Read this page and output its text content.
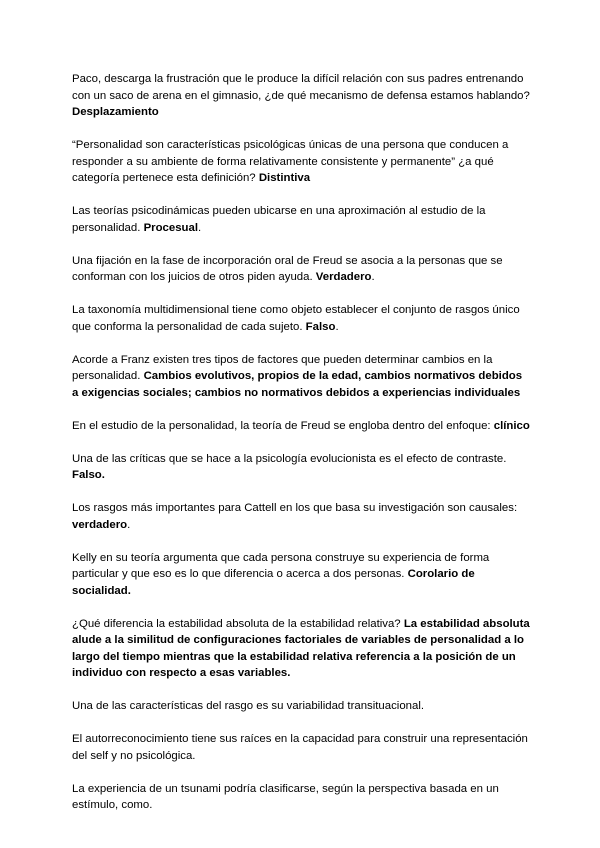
Paco, descarga la frustración que le produce la difícil relación con sus padres entrenando con un saco de arena en el gimnasio, ¿de qué mecanismo de defensa estamos hablando? Desplazamiento

“Personalidad son características psicológicas únicas de una persona que conducen a responder a su ambiente de forma relativamente consistente y permanente” ¿a qué categoría pertenece esta definición? Distintiva

Las teorías psicodinámicas pueden ubicarse en una aproximación al estudio de la personalidad. Procesual.

Una fijación en la fase de incorporación oral de Freud se asocia a la personas que se conforman con los juicios de otros piden ayuda. Verdadero.

La taxonomía multidimensional tiene como objeto establecer el conjunto de rasgos único que conforma la personalidad de cada sujeto. Falso.

Acorde a Franz existen tres tipos de factores que pueden determinar cambios en la personalidad. Cambios evolutivos, propios de la edad, cambios normativos debidos a exigencias sociales; cambios no normativos debidos a experiencias individuales

En el estudio de la personalidad, la teoría de Freud se engloba dentro del enfoque: clínico

Una de las críticas que se hace a la psicología evolucionista es el efecto de contraste. Falso.

Los rasgos más importantes para Cattell en los que basa su investigación son causales: verdadero.

Kelly en su teoría argumenta que cada persona construye su experiencia de forma particular y que eso es lo que diferencia o acerca a dos personas. Corolario de socialidad.

¿Qué diferencia la estabilidad absoluta de la estabilidad relativa? La estabilidad absoluta alude a la similitud de configuraciones factoriales de variables de personalidad a lo largo del tiempo mientras que la estabilidad relativa referencia a la posición de un individuo con respecto a esas variables.

Una de las características del rasgo es su variabilidad transituacional.

El autorreconocimiento tiene sus raíces en la capacidad para construir una representación del self y no psicológica.

La experiencia de un tsunami podría clasificarse, según la perspectiva basada en un estímulo, como.
